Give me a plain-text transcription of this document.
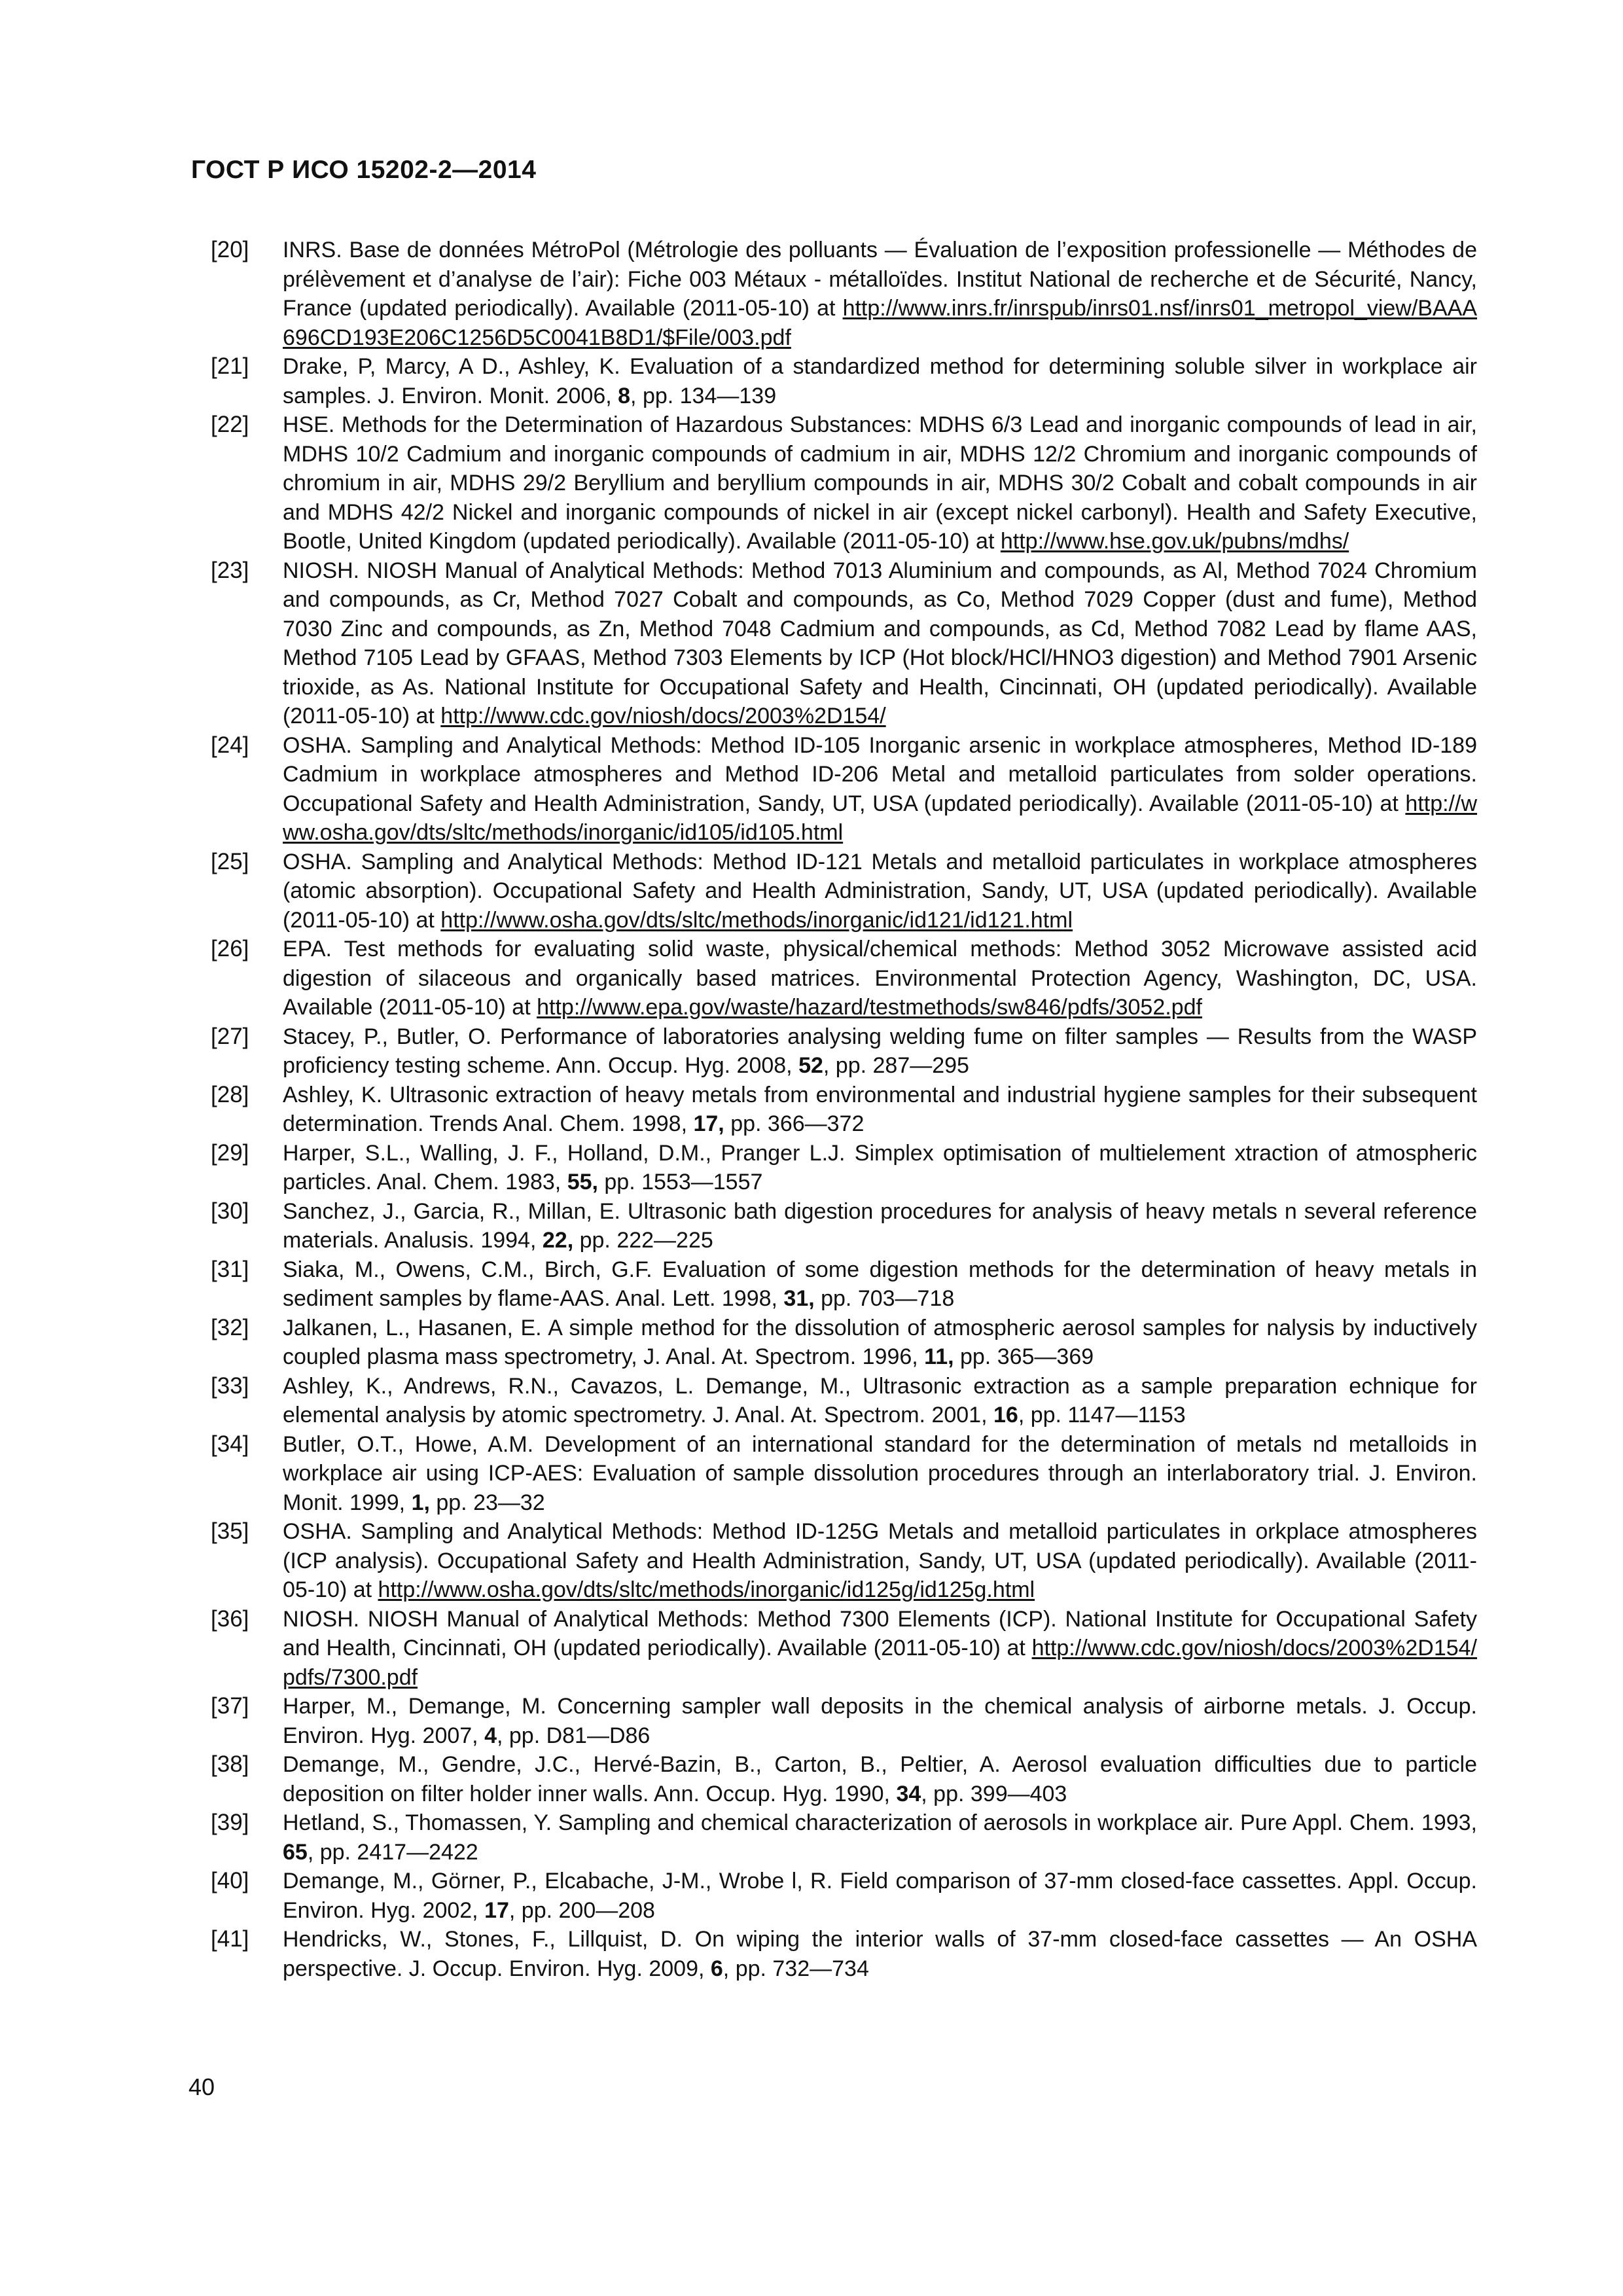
ГОСТ Р ИСО 15202-2—2014
[20]	INRS. Base de données MétroPol (Métrologie des polluants — Évaluation de l’exposition professionelle — Méthodes de prélèvement et d’analyse de l’air): Fiche 003 Métaux - métalloïdes. Institut National de recherche et de Sécurité, Nancy, France (updated periodically). Available (2011-05-10) at http://www.inrs.fr/inrspub/inrs01.nsf/inrs01_metropol_view/BAAA696CD193E206C1256D5C0041B8D1/$File/003.pdf
[21]	Drake, P, Marcy, A D., Ashley, K. Evaluation of a standardized method for determining soluble silver in workplace air samples. J. Environ. Monit. 2006, 8, pp. 134—139
[22]	HSE. Methods for the Determination of Hazardous Substances: MDHS 6/3 Lead and inorganic compounds of lead in air, MDHS 10/2 Cadmium and inorganic compounds of cadmium in air, MDHS 12/2 Chromium and inorganic compounds of chromium in air, MDHS 29/2 Beryllium and beryllium compounds in air, MDHS 30/2 Cobalt and cobalt compounds in air and MDHS 42/2 Nickel and inorganic compounds of nickel in air (except nickel carbonyl). Health and Safety Executive, Bootle, United Kingdom (updated periodically). Available (2011-05-10) at http://www.hse.gov.uk/pubns/mdhs/
[23]	NIOSH. NIOSH Manual of Analytical Methods: Method 7013 Aluminium and compounds, as Al, Method 7024 Chromium and compounds, as Cr, Method 7027 Cobalt and compounds, as Co, Method 7029 Copper (dust and fume), Method 7030 Zinc and compounds, as Zn, Method 7048 Cadmium and compounds, as Cd, Method 7082 Lead by flame AAS, Method 7105 Lead by GFAAS, Method 7303 Elements by ICP (Hot block/HCl/HNO3 digestion) and Method 7901 Arsenic trioxide, as As. National Institute for Occupational Safety and Health, Cincinnati, OH (updated periodically). Available (2011-05-10) at http://www.cdc.gov/niosh/docs/2003%2D154/
[24]	OSHA. Sampling and Analytical Methods: Method ID-105 Inorganic arsenic in workplace atmospheres, Method ID-189 Cadmium in workplace atmospheres and Method ID-206 Metal and metalloid particulates from solder operations. Occupational Safety and Health Administration, Sandy, UT, USA (updated periodically). Available (2011-05-10) at http://www.osha.gov/dts/sltc/methods/inorganic/id105/id105.html
[25]	OSHA. Sampling and Analytical Methods: Method ID-121 Metals and metalloid particulates in workplace atmospheres (atomic absorption). Occupational Safety and Health Administration, Sandy, UT, USA (updated periodically). Available (2011-05-10) at http://www.osha.gov/dts/sltc/methods/inorganic/id121/id121.html
[26]	EPA. Test methods for evaluating solid waste, physical/chemical methods: Method 3052 Microwave assisted acid digestion of silaceous and organically based matrices. Environmental Protection Agency, Washington, DC, USA. Available (2011-05-10) at http://www.epa.gov/waste/hazard/testmethods/sw846/pdfs/3052.pdf
[27]	Stacey, P., Butler, O. Performance of laboratories analysing welding fume on filter samples — Results from the WASP proficiency testing scheme. Ann. Occup. Hyg. 2008, 52, pp. 287—295
[28]	Ashley, K. Ultrasonic extraction of heavy metals from environmental and industrial hygiene samples for their subsequent determination. Trends Anal. Chem. 1998, 17, pp. 366—372
[29]	Harper, S.L., Walling, J. F., Holland, D.M., Pranger L.J. Simplex optimisation of multielement xtraction of atmospheric particles. Anal. Chem. 1983, 55, pp. 1553—1557
[30]	Sanchez, J., Garcia, R., Millan, E. Ultrasonic bath digestion procedures for analysis of heavy metals n several reference materials. Analusis. 1994, 22, pp. 222—225
[31]	Siaka, M., Owens, C.M., Birch, G.F. Evaluation of some digestion methods for the determination of heavy metals in sediment samples by flame-AAS. Anal. Lett. 1998, 31, pp. 703—718
[32]	Jalkanen, L., Hasanen, E. A simple method for the dissolution of atmospheric aerosol samples for nalysis by inductively coupled plasma mass spectrometry, J. Anal. At. Spectrom. 1996, 11, pp. 365—369
[33]	Ashley, K., Andrews, R.N., Cavazos, L. Demange, M., Ultrasonic extraction as a sample preparation echnique for elemental analysis by atomic spectrometry. J. Anal. At. Spectrom. 2001, 16, pp. 1147—1153
[34]	Butler, O.T., Howe, A.M. Development of an international standard for the determination of metals nd metalloids in workplace air using ICP-AES: Evaluation of sample dissolution procedures through an interlaboratory trial. J. Environ. Monit. 1999, 1, pp. 23—32
[35]	OSHA. Sampling and Analytical Methods: Method ID-125G Metals and metalloid particulates in orkplace atmospheres (ICP analysis). Occupational Safety and Health Administration, Sandy, UT, USA (updated periodically). Available (2011-05-10) at http://www.osha.gov/dts/sltc/methods/inorganic/id125g/id125g.html
[36]	NIOSH. NIOSH Manual of Analytical Methods: Method 7300 Elements (ICP). National Institute for Occupational Safety and Health, Cincinnati, OH (updated periodically). Available (2011-05-10) at http://www.cdc.gov/niosh/docs/2003%2D154/pdfs/7300.pdf
[37]	Harper, M., Demange, M. Concerning sampler wall deposits in the chemical analysis of airborne metals. J. Occup. Environ. Hyg. 2007, 4, pp. D81—D86
[38]	Demange, M., Gendre, J.C., Hervé-Bazin, B., Carton, B., Peltier, A. Aerosol evaluation difficulties due to particle deposition on filter holder inner walls. Ann. Occup. Hyg. 1990, 34, pp. 399—403
[39]	Hetland, S., Thomassen, Y. Sampling and chemical characterization of aerosols in workplace air. Pure Appl. Chem. 1993, 65, pp. 2417—2422
[40]	Demange, M., Görner, P., Elcabache, J-M., Wrobe l, R. Field comparison of 37-mm closed-face cassettes. Appl. Occup. Environ. Hyg. 2002, 17, pp. 200—208
[41]	Hendricks, W., Stones, F., Lillquist, D. On wiping the interior walls of 37-mm closed-face cassettes — An OSHA perspective. J. Occup. Environ. Hyg. 2009, 6, pp. 732—734
40
